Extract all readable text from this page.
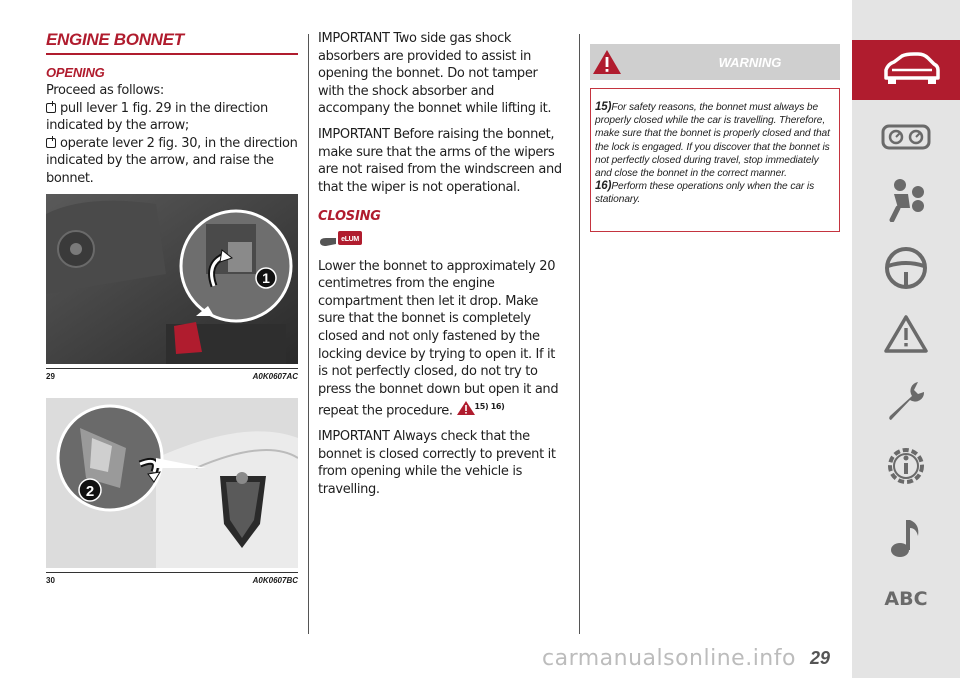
ENGINE BONNET
OPENING
Proceed as follows:
pull lever 1 fig. 29 in the direction indicated by the arrow;
operate lever 2 fig. 30, in the direction indicated by the arrow, and raise the bonnet.
1
29	A0K0607AC
2
30	A0K0607BC

IMPORTANT Two side gas shock absorbers are provided to assist in opening the bonnet. Do not tamper with the shock absorber and accompany the bonnet while lifting it.

IMPORTANT Before raising the bonnet, make sure that the arms of the wipers are not raised from the windscreen and that the wiper is not operational.

CLOSING
eLUM

Lower the bonnet to approximately 20 centimetres from the engine compartment then let it drop. Make sure that the bonnet is completely closed and not only fastened by the locking device by trying to open it. If it is not perfectly closed, do not try to press the bonnet down but open it and repeat the procedure.	$^{15) 16)}$

IMPORTANT Always check that the bonnet is closed correctly to prevent it from opening while the vehicle is travelling.

WARNING
15)For safety reasons, the bonnet must always be properly closed while the car is travelling. Therefore, make sure that the bonnet is properly closed and that the lock is engaged. If you discover that the bonnet is not perfectly closed during travel, stop immediately and close the bonnet in the correct manner.
16)Perform these operations only when the car is stationary.
ABC
carmanualsonline.info 29
